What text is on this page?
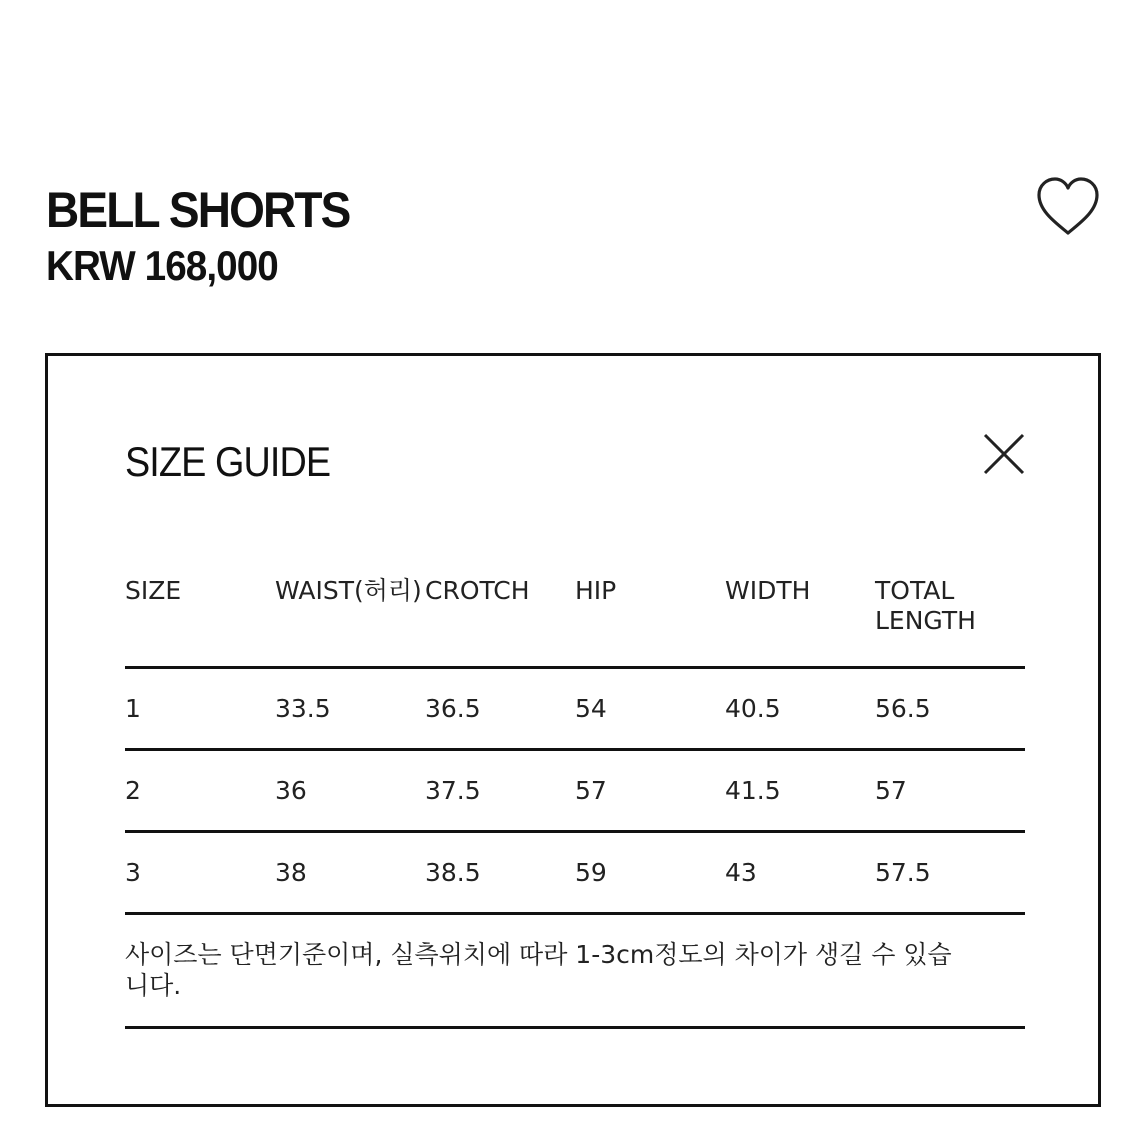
BELL SHORTS
KRW 168,000
SIZE GUIDE
SIZE	WAIST(허리)	CROTCH	HIP	WIDTH	TOTAL LENGTH
1	33.5	36.5	54	40.5	56.5
2	36	37.5	57	41.5	57
3	38	38.5	59	43	57.5

사이즈는 단면기준이며, 실측위치에 따라 1-3cm정도의 차이가 생길 수 있습니다.
